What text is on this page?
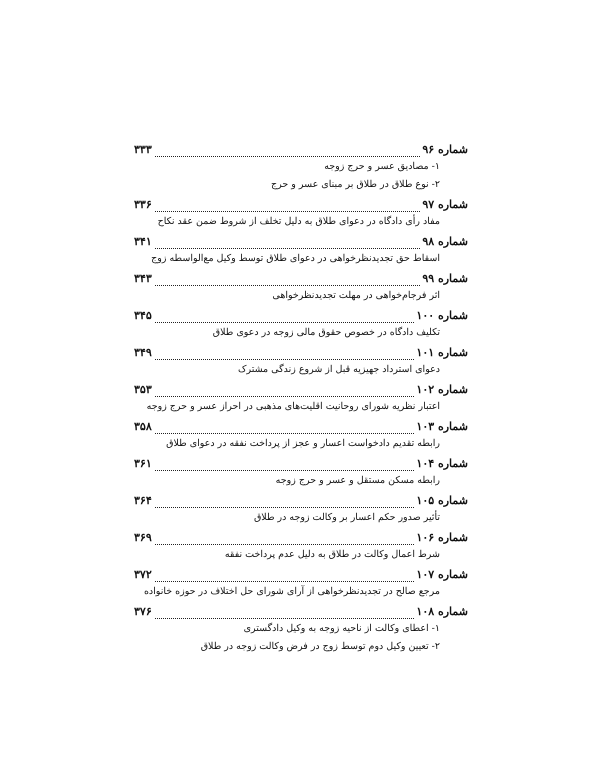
شماره ۹۶
۳۳۳
۱- مصادیق عسر و حرج زوجه
۲- نوع طلاق در طلاق بر مبنای عسر و حرج
شماره ۹۷
۳۳۶
مفاد رأی دادگاه در دعوای طلاق به دلیل تخلف از شروط ضمن عقد نکاح
شماره ۹۸
۳۴۱
اسقاط حق تجدیدنظرخواهی در دعوای طلاق توسط وکیل مع‌الواسطه زوج
شماره ۹۹
۳۴۳
اثر فرجام‌خواهی در مهلت تجدیدنظرخواهی
شماره ۱۰۰
۳۴۵
تکلیف دادگاه در خصوص حقوق مالی زوجه در دعوی طلاق
شماره ۱۰۱
۳۴۹
دعوای استرداد جهیزیه قبل از شروع زندگی مشترک
شماره ۱۰۲
۳۵۳
اعتبار نظریه شورای روحانیت اقلیت‌های مذهبی در احراز عسر و حرج زوجه
شماره ۱۰۳
۳۵۸
رابطه تقدیم دادخواست اعسار و عجز از پرداخت نفقه در دعوای طلاق
شماره ۱۰۴
۳۶۱
رابطه مسکن مستقل و عسر و حرج زوجه
شماره ۱۰۵
۳۶۴
تأثیر صدور حکم اعسار بر وکالت زوجه در طلاق
شماره ۱۰۶
۳۶۹
شرط اعمال وکالت در طلاق به دلیل عدم پرداخت نفقه
شماره ۱۰۷
۳۷۲
مرجع صالح در تجدیدنظرخواهی از آرای شورای حل اختلاف در حوزه خانواده
شماره ۱۰۸
۳۷۶
۱- اعطای وکالت از ناحیه زوجه به وکیل دادگستری
۲- تعیین وکیل دوم توسط زوج در فرض وکالت زوجه در طلاق
